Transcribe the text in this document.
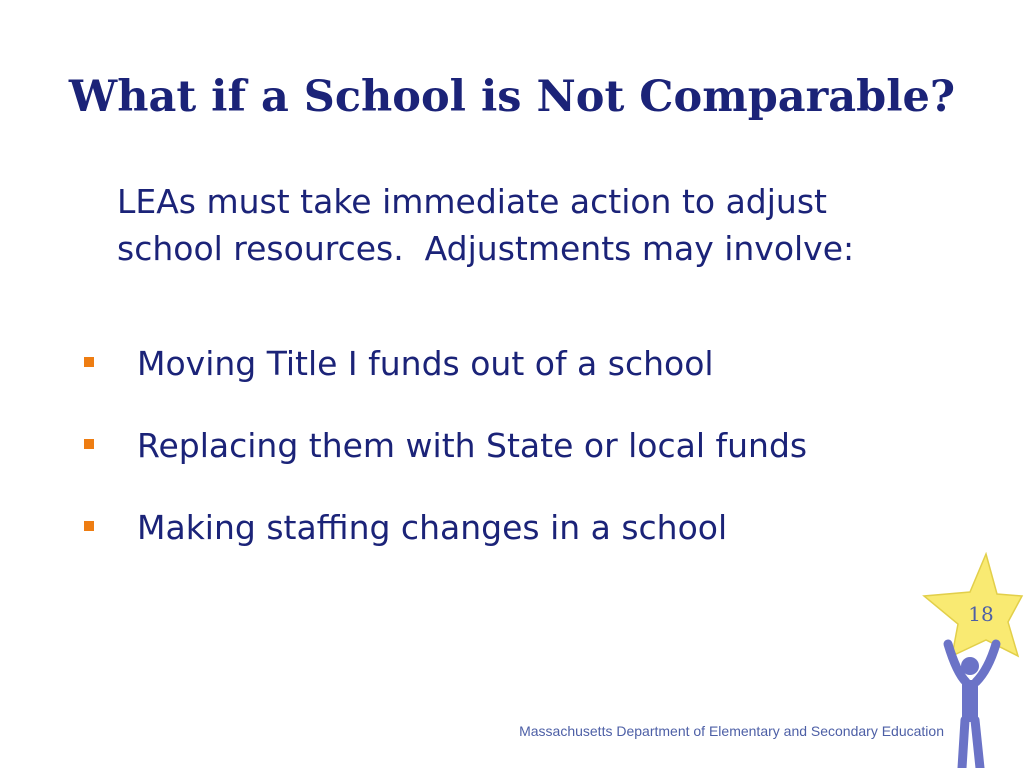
What if a School is Not Comparable?
LEAs must take immediate action to adjust
school resources.  Adjustments may involve:
Moving Title I funds out of a school
Replacing them with State or local funds
Making staffing changes in a school
18
Massachusetts Department of Elementary and Secondary Education
